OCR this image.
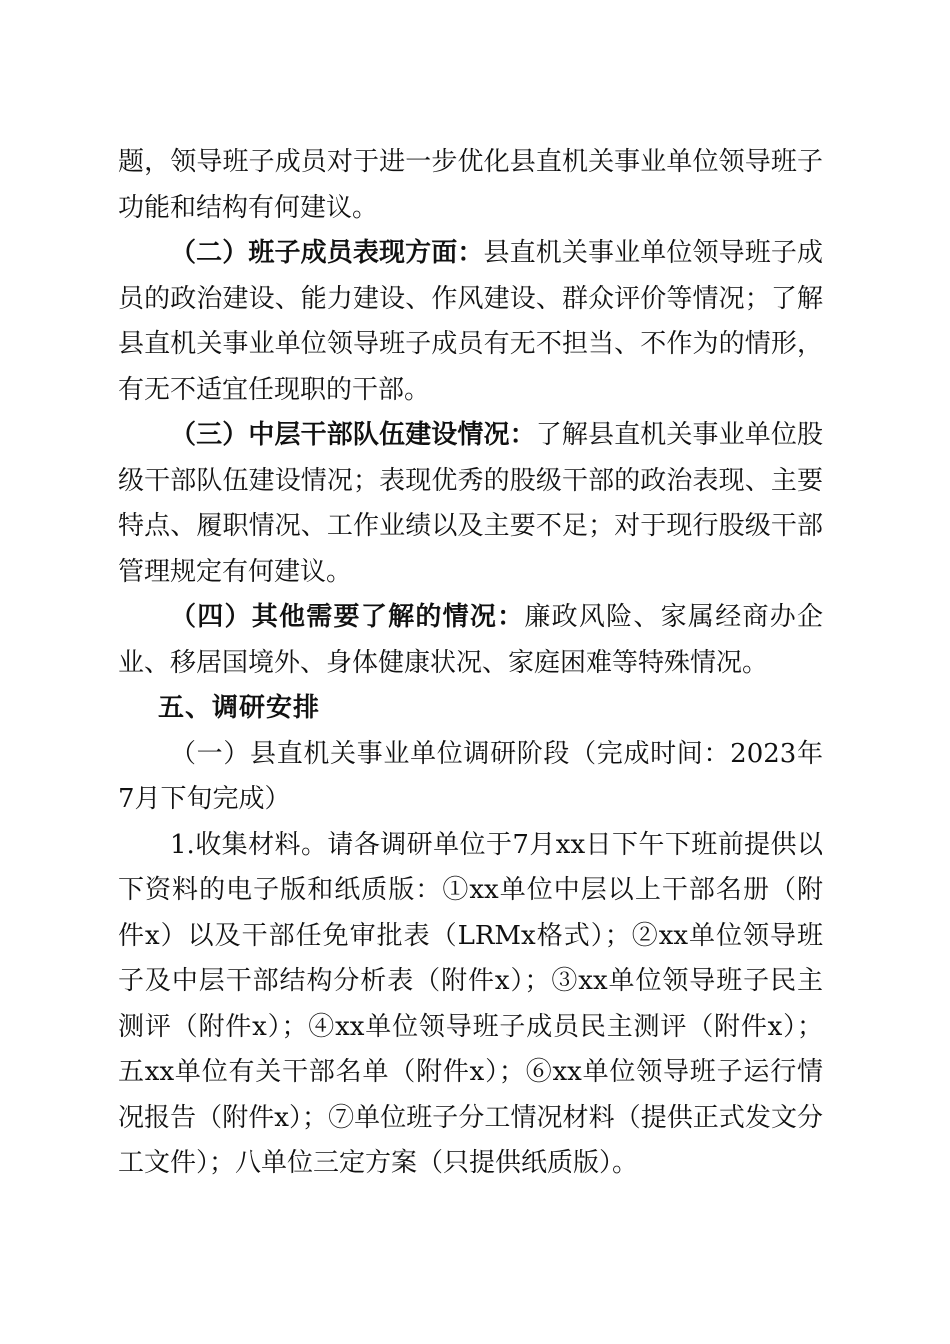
题，领导班子成员对于进一步优化县直机关事业单位领导班子功能和结构有何建议。

（二）班子成员表现方面：县直机关事业单位领导班子成员的政治建设、能力建设、作风建设、群众评价等情况；了解县直机关事业单位领导班子成员有无不担当、不作为的情形，有无不适宜任现职的干部。

（三）中层干部队伍建设情况：了解县直机关事业单位股级干部队伍建设情况；表现优秀的股级干部的政治表现、主要特点、履职情况、工作业绩以及主要不足；对于现行股级干部管理规定有何建议。

（四）其他需要了解的情况：廉政风险、家属经商办企业、移居国境外、身体健康状况、家庭困难等特殊情况。

五、调研安排

（一）县直机关事业单位调研阶段（完成时间：2023年7月下旬完成）

1.收集材料。请各调研单位于7月xx日下午下班前提供以下资料的电子版和纸质版：①xx单位中层以上干部名册（附件x）以及干部任免审批表（LRMx格式）；②xx单位领导班子及中层干部结构分析表（附件x）；③xx单位领导班子民主测评（附件x）；④xx单位领导班子成员民主测评（附件x）；五xx单位有关干部名单（附件x）；⑥xx单位领导班子运行情况报告（附件x）；⑦单位班子分工情况材料（提供正式发文分工文件）；八单位三定方案（只提供纸质版）。
